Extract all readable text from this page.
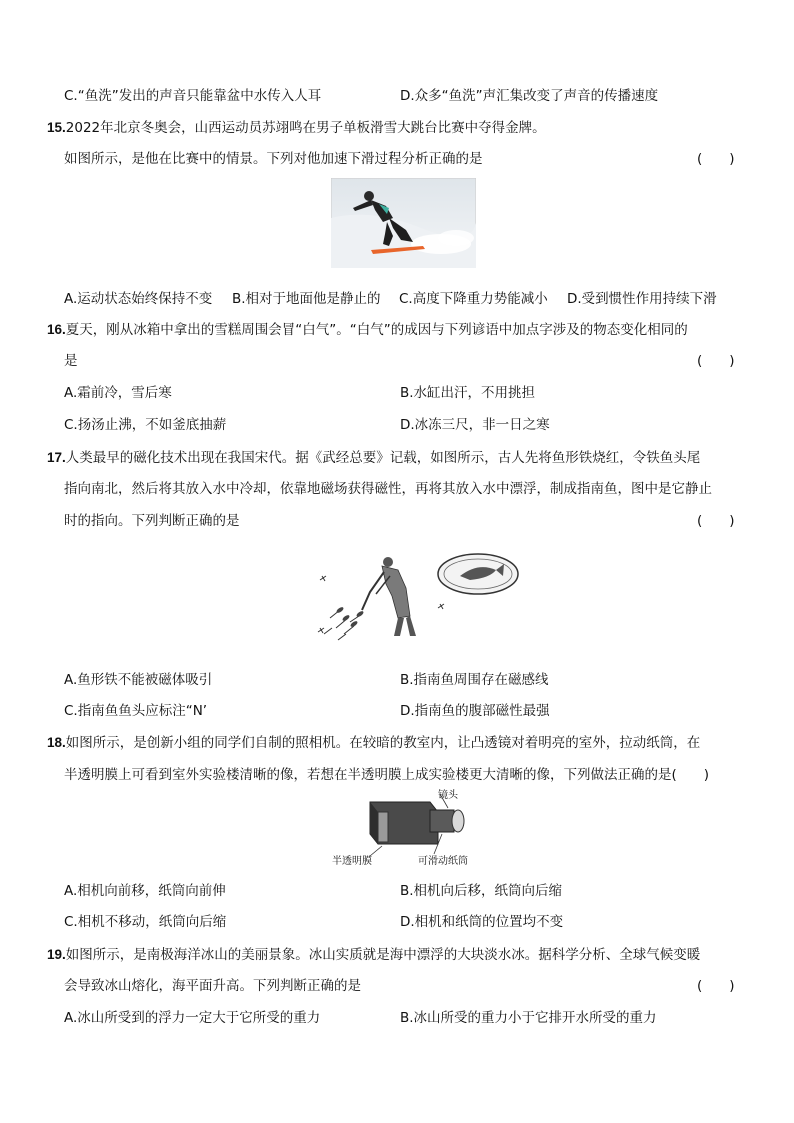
C.“鱼洗”发出的声音只能靠盆中水传入人耳	D.众多“鱼洗”声汇集改变了声音的传播速度
15.2022年北京冬奥会，山西运动员苏翊鸣在男子单板滑雪大跳台比赛中夺得金牌。
如图所示，是他在比赛中的情景。下列对他加速下滑过程分析正确的是	(　　)
A.运动状态始终保持不变 B.相对于地面他是静止的 C.高度下降重力势能减小 D.受到惯性作用持续下滑
16.夏天，刚从冰箱中拿出的雪糕周围会冒“白气”。“白气”的成因与下列谚语中加点字涉及的物态变化相同的
是	(　　)
A.霜前冷，雪后寒	B.水缸出汗，不用挑担
C.扬汤止沸，不如釜底抽薪	D.冰冻三尺，非一日之寒
17.人类最早的磁化技术出现在我国宋代。据《武经总要》记载，如图所示，古人先将鱼形铁烧红，令铁鱼头尾
指向南北，然后将其放入水中冷却，依靠地磁场获得磁性，再将其放入水中漂浮，制成指南鱼，图中是它静止
时的指向。下列判断正确的是	(　　)
A.鱼形铁不能被磁体吸引	B.指南鱼周围存在磁感线
C.指南鱼鱼头应标注“N’	D.指南鱼的腹部磁性最强
18.如图所示，是创新小组的同学们自制的照相机。在较暗的教室内，让凸透镜对着明亮的室外，拉动纸筒，在
半透明膜上可看到室外实验楼清晰的像，若想在半透明膜上成实验楼更大清晰的像，下列做法正确的是(　　)
镜头
半透明膜	可滑动纸筒
A.相机向前移，纸筒向前伸	B.相机向后移，纸筒向后缩
C.相机不移动，纸筒向后缩	D.相机和纸筒的位置均不变
19.如图所示，是南极海洋冰山的美丽景象。冰山实质就是海中漂浮的大块淡水冰。据科学分析、全球气候变暖
会导致冰山熔化，海平面升高。下列判断正确的是	(　　)
A.冰山所受到的浮力一定大于它所受的重力	B.冰山所受的重力小于它排开水所受的重力
